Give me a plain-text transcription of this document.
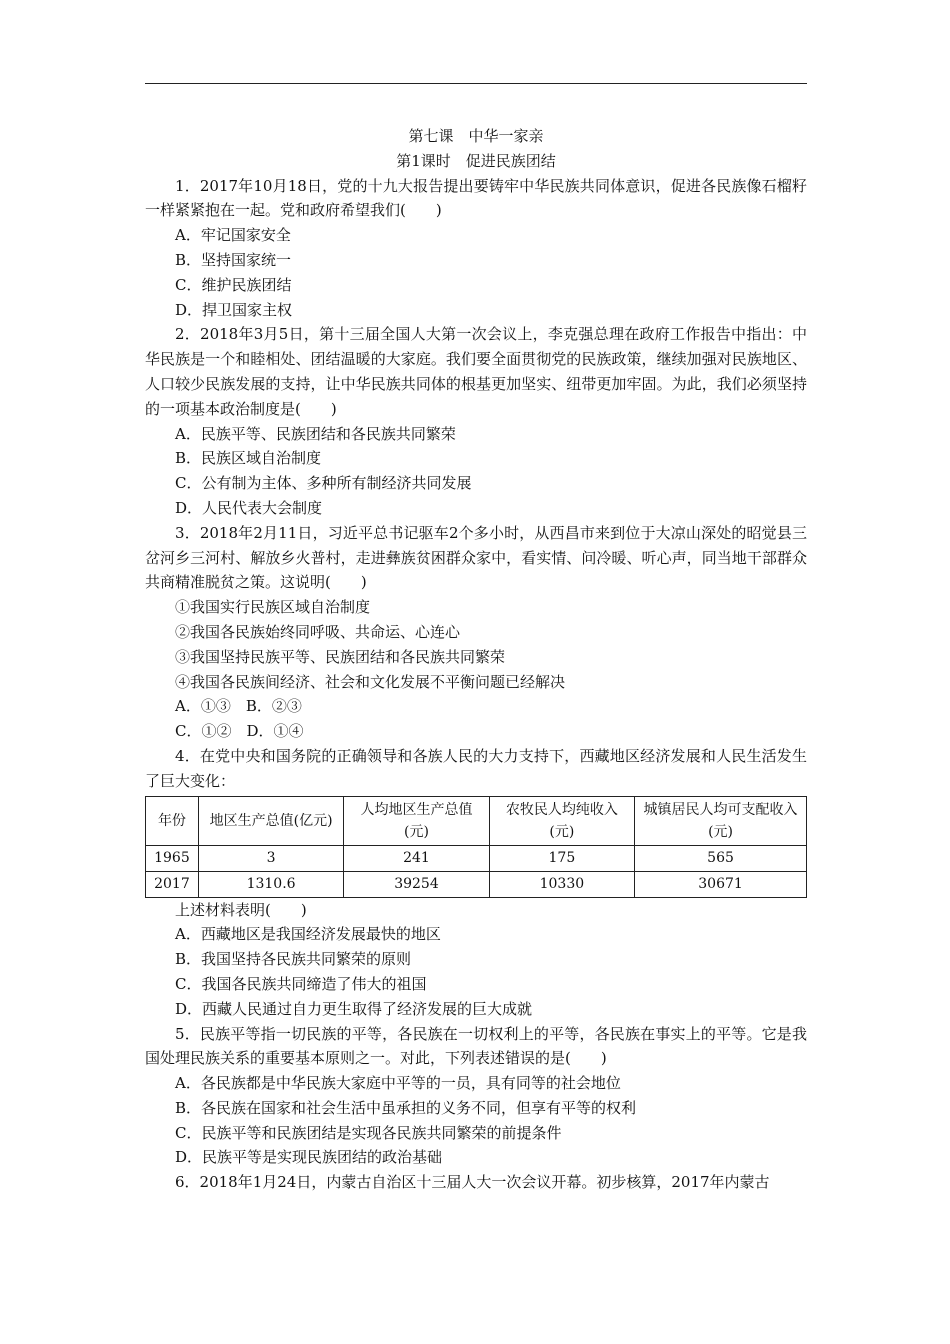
第七课　中华一家亲
第1课时　促进民族团结
1．2017年10月18日，党的十九大报告提出要铸牢中华民族共同体意识，促进各民族像石榴籽一样紧紧抱在一起。党和政府希望我们(　　)
A．牢记国家安全
B．坚持国家统一
C．维护民族团结
D．捍卫国家主权
2．2018年3月5日，第十三届全国人大第一次会议上，李克强总理在政府工作报告中指出：中华民族是一个和睦相处、团结温暖的大家庭。我们要全面贯彻党的民族政策，继续加强对民族地区、人口较少民族发展的支持，让中华民族共同体的根基更加坚实、纽带更加牢固。为此，我们必须坚持的一项基本政治制度是(　　)
A．民族平等、民族团结和各民族共同繁荣
B．民族区域自治制度
C．公有制为主体、多种所有制经济共同发展
D．人民代表大会制度
3．2018年2月11日，习近平总书记驱车2个多小时，从西昌市来到位于大凉山深处的昭觉县三岔河乡三河村、解放乡火普村，走进彝族贫困群众家中，看实情、问冷暖、听心声，同当地干部群众共商精准脱贫之策。这说明(　　)
①我国实行民族区域自治制度
②我国各民族始终同呼吸、共命运、心连心
③我国坚持民族平等、民族团结和各民族共同繁荣
④我国各民族间经济、社会和文化发展不平衡问题已经解决
A．①③　B．②③
C．①②　D．①④
4．在党中央和国务院的正确领导和各族人民的大力支持下，西藏地区经济发展和人民生活发生了巨大变化：
年份	地区生产总值(亿元)	人均地区生产总值(元)	农牧民人均纯收入(元)	城镇居民人均可支配收入(元)
1965	3	241	175	565
2017	1310.6	39254	10330	30671
上述材料表明(　　)
A．西藏地区是我国经济发展最快的地区
B．我国坚持各民族共同繁荣的原则
C．我国各民族共同缔造了伟大的祖国
D．西藏人民通过自力更生取得了经济发展的巨大成就
5．民族平等指一切民族的平等，各民族在一切权利上的平等，各民族在事实上的平等。它是我国处理民族关系的重要基本原则之一。对此，下列表述错误的是(　　)
A．各民族都是中华民族大家庭中平等的一员，具有同等的社会地位
B．各民族在国家和社会生活中虽承担的义务不同，但享有平等的权利
C．民族平等和民族团结是实现各民族共同繁荣的前提条件
D．民族平等是实现民族团结的政治基础
6．2018年1月24日，内蒙古自治区十三届人大一次会议开幕。初步核算，2017年内蒙古
